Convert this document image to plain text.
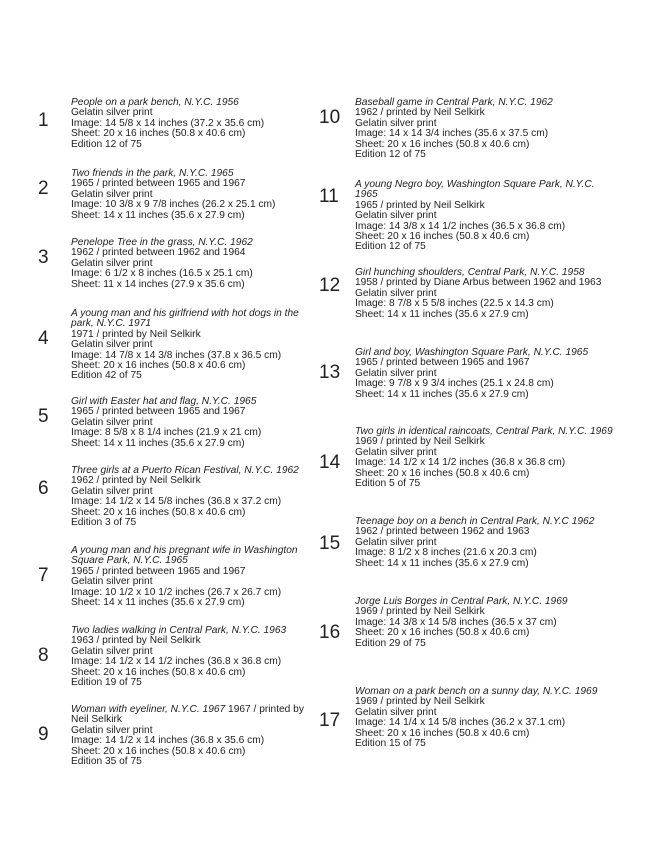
1
People on a park bench, N.Y.C. 1956
Gelatin silver print
Image: 14 5/8 x 14 inches (37.2 x 35.6 cm)
Sheet: 20 x 16 inches (50.8 x 40.6 cm)
Edition 12 of 75
2
Two friends in the park, N.Y.C. 1965
1965 / printed between 1965 and 1967
Gelatin silver print
Image: 10 3/8 x 9 7/8 inches (26.2 x 25.1 cm)
Sheet: 14 x 11 inches (35.6 x 27.9 cm)
3
Penelope Tree in the grass, N.Y.C. 1962
1962 / printed between 1962 and 1964
Gelatin silver print
Image: 6 1/2 x 8 inches (16.5 x 25.1 cm)
Sheet: 11 x 14 inches (27.9 x 35.6 cm)
4
A young man and his girlfriend with hot dogs in the park, N.Y.C. 1971
1971 / printed by Neil Selkirk
Gelatin silver print
Image: 14 7/8 x 14 3/8 inches (37.8 x 36.5 cm)
Sheet: 20 x 16 inches (50.8 x 40.6 cm)
Edition 42 of 75
5
Girl with Easter hat and flag, N.Y.C. 1965
1965 / printed between 1965 and 1967
Gelatin silver print
Image: 8 5/8 x 8 1/4 inches (21.9 x 21 cm)
Sheet: 14 x 11 inches (35.6 x 27.9 cm)
6
Three girls at a Puerto Rican Festival, N.Y.C. 1962
1962 / printed by Neil Selkirk
Gelatin silver print
Image: 14 1/2 x 14 5/8 inches (36.8 x 37.2 cm)
Sheet: 20 x 16 inches (50.8 x 40.6 cm)
Edition 3 of 75
7
A young man and his pregnant wife in Washington Square Park, N.Y.C. 1965
1965 / printed between 1965 and 1967
Gelatin silver print
Image: 10 1/2 x 10 1/2 inches (26.7 x 26.7 cm)
Sheet: 14 x 11 inches (35.6 x 27.9 cm)
8
Two ladies walking in Central Park, N.Y.C. 1963
1963 / printed by Neil Selkirk
Gelatin silver print
Image: 14 1/2 x 14 1/2 inches (36.8 x 36.8 cm)
Sheet: 20 x 16 inches (50.8 x 40.6 cm)
Edition 19 of 75
9
Woman with eyeliner, N.Y.C. 1967 1967 / printed by
Neil Selkirk
Gelatin silver print
Image: 14 1/2 x 14 inches (36.8 x 35.6 cm)
Sheet: 20 x 16 inches (50.8 x 40.6 cm)
Edition 35 of 75
10
Baseball game in Central Park, N.Y.C. 1962
1962 / printed by Neil Selkirk
Gelatin silver print
Image: 14 x 14 3/4 inches (35.6 x 37.5 cm)
Sheet: 20 x 16 inches (50.8 x 40.6 cm)
Edition 12 of 75
11
A young Negro boy, Washington Square Park, N.Y.C. 1965
1965 / printed by Neil Selkirk
Gelatin silver print
Image: 14 3/8 x 14 1/2 inches (36.5 x 36.8 cm)
Sheet: 20 x 16 inches (50.8 x 40.6 cm)
Edition 12 of 75
12
Girl hunching shoulders, Central Park, N.Y.C. 1958
1958 / printed by Diane Arbus between 1962 and 1963
Gelatin silver print
Image: 8 7/8 x 5 5/8 inches (22.5 x 14.3 cm)
Sheet: 14 x 11 inches (35.6 x 27.9 cm)
13
Girl and boy, Washington Square Park, N.Y.C. 1965
1965 / printed between 1965 and 1967
Gelatin silver print
Image: 9 7/8 x 9 3/4 inches (25.1 x 24.8 cm)
Sheet: 14 x 11 inches (35.6 x 27.9 cm)
14
Two girls in identical raincoats, Central Park, N.Y.C. 1969
1969 / printed by Neil Selkirk
Gelatin silver print
Image: 14 1/2 x 14 1/2 inches (36.8 x 36.8 cm)
Sheet: 20 x 16 inches (50.8 x 40.6 cm)
Edition 5 of 75
15
Teenage boy on a bench in Central Park, N.Y.C 1962
1962 / printed between 1962 and 1963
Gelatin silver print
Image: 8 1/2 x 8 inches (21.6 x 20.3 cm)
Sheet: 14 x 11 inches (35.6 x 27.9 cm)
16
Jorge Luis Borges in Central Park, N.Y.C. 1969
1969 / printed by Neil Selkirk
Image: 14 3/8 x 14 5/8 inches (36.5 x 37 cm)
Sheet: 20 x 16 inches (50.8 x 40.6 cm)
Edition 29 of 75
17
Woman on a park bench on a sunny day, N.Y.C. 1969
1969 / printed by Neil Selkirk
Gelatin silver print
Image: 14 1/4 x 14 5/8 inches (36.2 x 37.1 cm)
Sheet: 20 x 16 inches (50.8 x 40.6 cm)
Edition 15 of 75
